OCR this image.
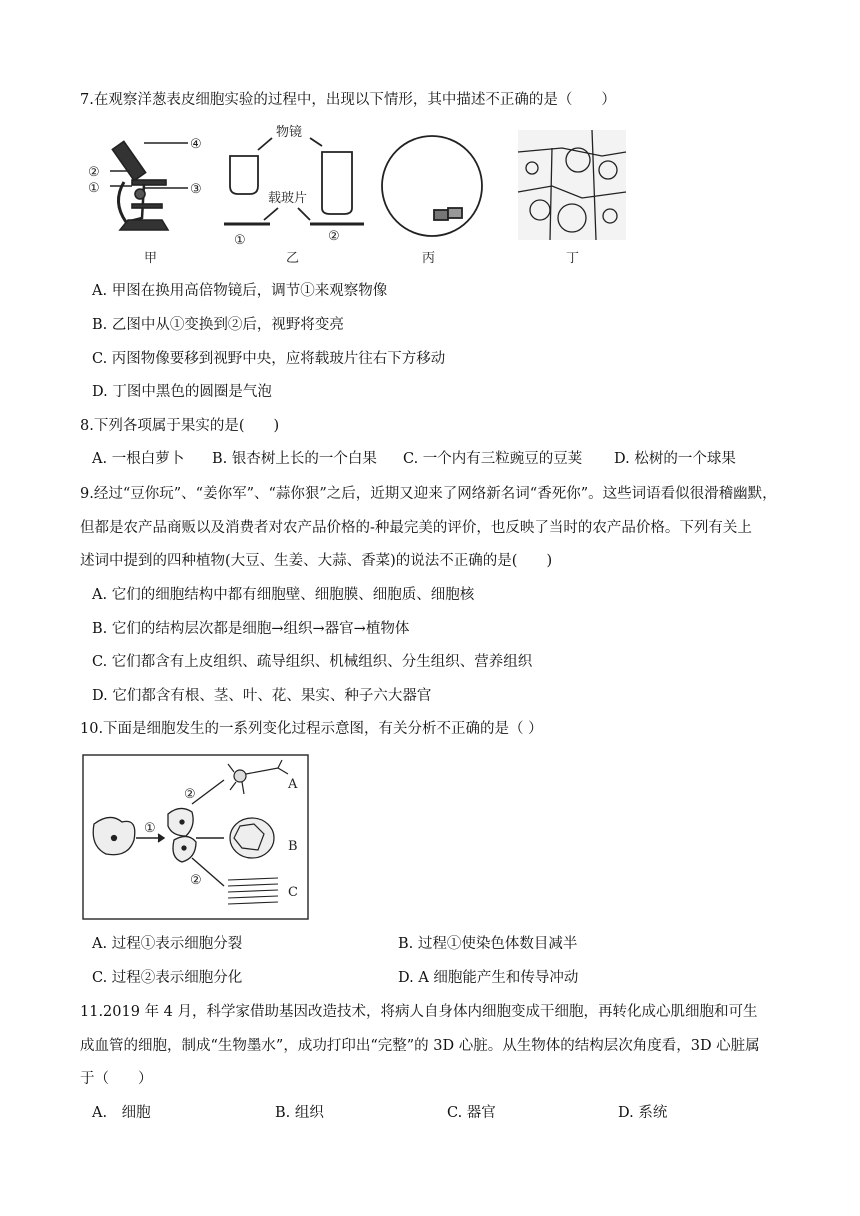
7.在观察洋葱表皮细胞实验的过程中，出现以下情形，其中描述不正确的是（　　）
②
①	③
④
物镜
载玻片
①	②
甲	乙	丙	丁
A. 甲图在换用高倍物镜后，调节①来观察物像
B. 乙图中从①变换到②后，视野将变亮
C. 丙图物像要移到视野中央，应将载玻片往右下方移动
D. 丁图中黑色的圆圈是气泡
8.下列各项属于果实的是(　　)
A. 一根白萝卜 B. 银杏树上长的一个白果 C. 一个内有三粒豌豆的豆荚 D. 松树的一个球果
9.经过“豆你玩”、“姜你军”、“蒜你狠”之后，近期又迎来了网络新名词“香死你”。这些词语看似很滑稽幽默，
但都是农产品商贩以及消费者对农产品价格的-种最完美的评价，也反映了当时的农产品价格。下列有关上
述词中提到的四种植物(大豆、生姜、大蒜、香菜)的说法不正确的是(　　)
A. 它们的细胞结构中都有细胞壁、细胞膜、细胞质、细胞核
B. 它们的结构层次都是细胞→组织→器官→植物体
C. 它们都含有上皮组织、疏导组织、机械组织、分生组织、营养组织
D. 它们都含有根、茎、叶、花、果实、种子六大器官
10.下面是细胞发生的一系列变化过程示意图，有关分析不正确的是（ ）
①
②
②
A
B
C
A. 过程①表示细胞分裂	B. 过程①使染色体数目减半
C. 过程②表示细胞分化	D. A 细胞能产生和传导冲动
11.2019 年 4 月，科学家借助基因改造技术，将病人自身体内细胞变成干细胞，再转化成心肌细胞和可生
成血管的细胞，制成“生物墨水”，成功打印出“完整”的 3D 心脏。从生物体的结构层次角度看，3D 心脏属
于（　　）
A.　细胞	B. 组织	C. 器官	D. 系统
